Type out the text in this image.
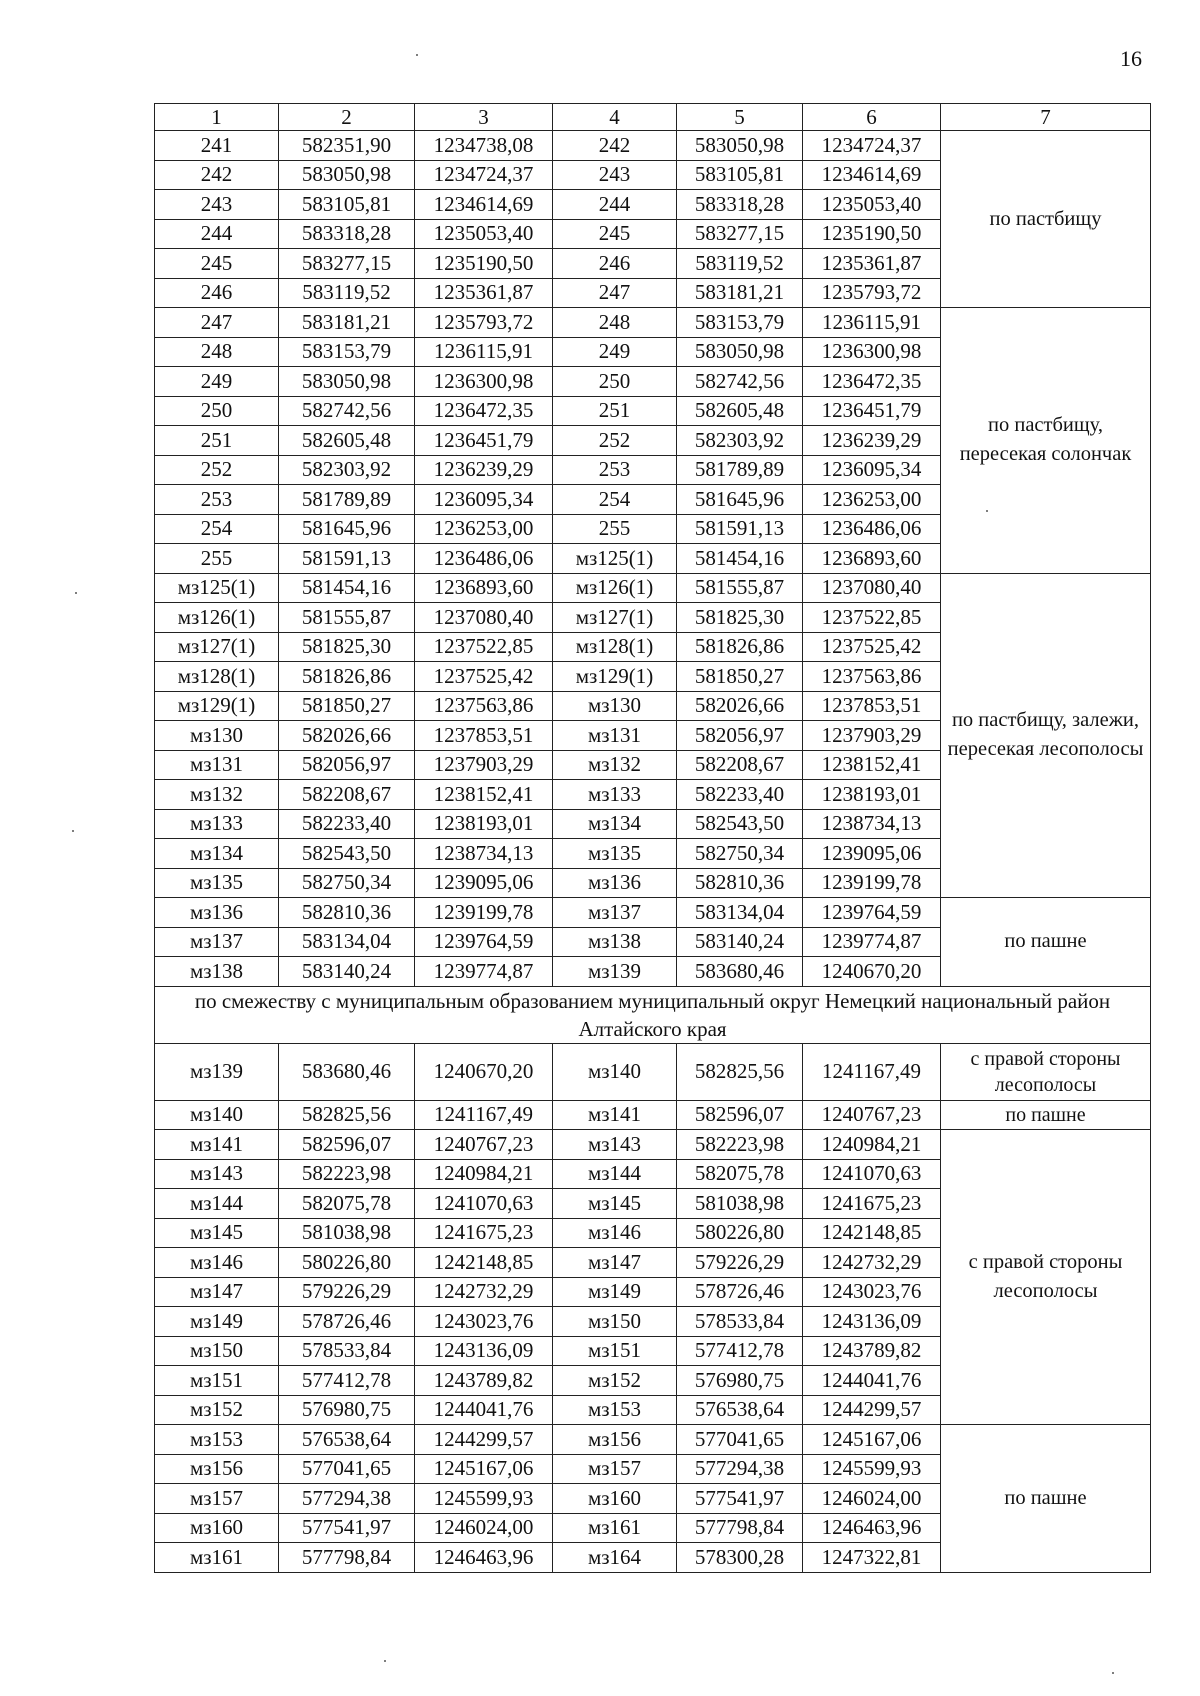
16
1	2	3	4	5	6	7
241	582351,90	1234738,08	242	583050,98	1234724,37	по пастбищу
242	583050,98	1234724,37	243	583105,81	1234614,69	
243	583105,81	1234614,69	244	583318,28	1235053,40	
244	583318,28	1235053,40	245	583277,15	1235190,50	
245	583277,15	1235190,50	246	583119,52	1235361,87	
246	583119,52	1235361,87	247	583181,21	1235793,72	
247	583181,21	1235793,72	248	583153,79	1236115,91	по пастбищу, пересекая солончак
248	583153,79	1236115,91	249	583050,98	1236300,98	
249	583050,98	1236300,98	250	582742,56	1236472,35	
250	582742,56	1236472,35	251	582605,48	1236451,79	
251	582605,48	1236451,79	252	582303,92	1236239,29	
252	582303,92	1236239,29	253	581789,89	1236095,34	
253	581789,89	1236095,34	254	581645,96	1236253,00	
254	581645,96	1236253,00	255	581591,13	1236486,06	
255	581591,13	1236486,06	мз125(1)	581454,16	1236893,60	
мз125(1)	581454,16	1236893,60	мз126(1)	581555,87	1237080,40	по пастбищу, залежи, пересекая лесополосы
мз126(1)	581555,87	1237080,40	мз127(1)	581825,30	1237522,85	
мз127(1)	581825,30	1237522,85	мз128(1)	581826,86	1237525,42	
мз128(1)	581826,86	1237525,42	мз129(1)	581850,27	1237563,86	
мз129(1)	581850,27	1237563,86	мз130	582026,66	1237853,51	
мз130	582026,66	1237853,51	мз131	582056,97	1237903,29	
мз131	582056,97	1237903,29	мз132	582208,67	1238152,41	
мз132	582208,67	1238152,41	мз133	582233,40	1238193,01	
мз133	582233,40	1238193,01	мз134	582543,50	1238734,13	
мз134	582543,50	1238734,13	мз135	582750,34	1239095,06	
мз135	582750,34	1239095,06	мз136	582810,36	1239199,78	
мз136	582810,36	1239199,78	мз137	583134,04	1239764,59	по пашне
мз137	583134,04	1239764,59	мз138	583140,24	1239774,87	
мз138	583140,24	1239774,87	мз139	583680,46	1240670,20	
по смежеству с муниципальным образованием муниципальный округ Немецкий национальный район Алтайского края						
мз139	583680,46	1240670,20	мз140	582825,56	1241167,49	с правой стороны лесополосы
мз140	582825,56	1241167,49	мз141	582596,07	1240767,23	по пашне
мз141	582596,07	1240767,23	мз143	582223,98	1240984,21	с правой стороны лесополосы
мз143	582223,98	1240984,21	мз144	582075,78	1241070,63	
мз144	582075,78	1241070,63	мз145	581038,98	1241675,23	
мз145	581038,98	1241675,23	мз146	580226,80	1242148,85	
мз146	580226,80	1242148,85	мз147	579226,29	1242732,29	
мз147	579226,29	1242732,29	мз149	578726,46	1243023,76	
мз149	578726,46	1243023,76	мз150	578533,84	1243136,09	
мз150	578533,84	1243136,09	мз151	577412,78	1243789,82	
мз151	577412,78	1243789,82	мз152	576980,75	1244041,76	
мз152	576980,75	1244041,76	мз153	576538,64	1244299,57	
мз153	576538,64	1244299,57	мз156	577041,65	1245167,06	по пашне
мз156	577041,65	1245167,06	мз157	577294,38	1245599,93	
мз157	577294,38	1245599,93	мз160	577541,97	1246024,00	
мз160	577541,97	1246024,00	мз161	577798,84	1246463,96	
мз161	577798,84	1246463,96	мз164	578300,28	1247322,81	
